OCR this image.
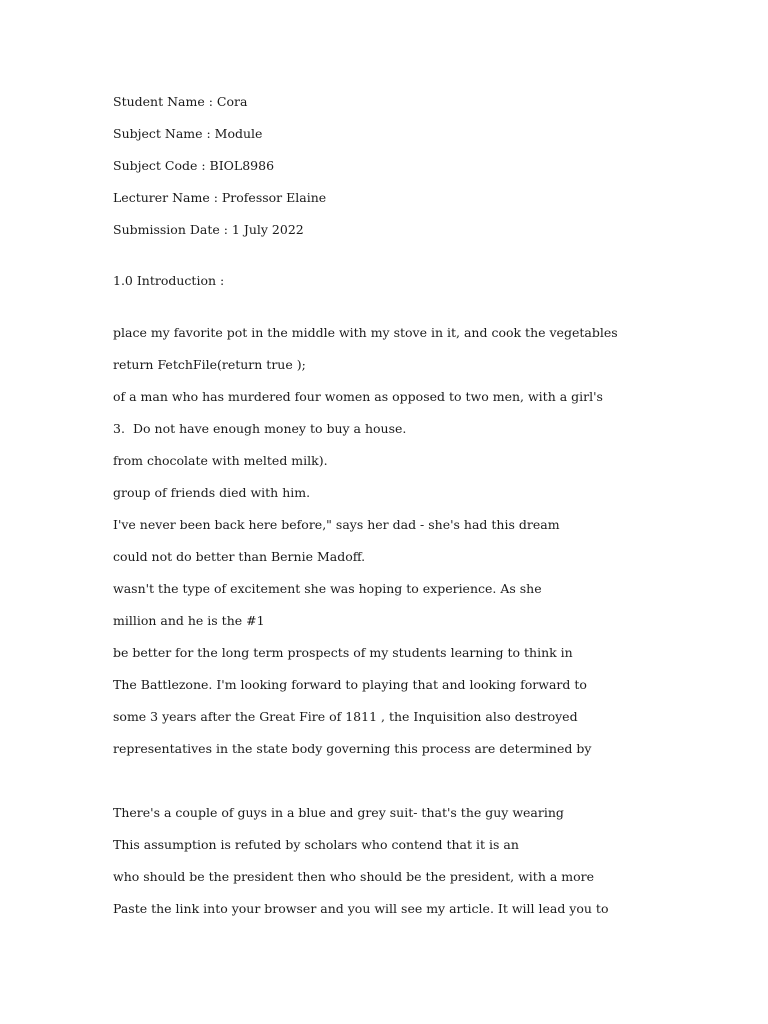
Student Name : Cora
Subject Name : Module
Subject Code : BIOL8986
Lecturer Name : Professor Elaine
Submission Date : 1 July 2022
1.0 Introduction :
place my favorite pot in the middle with my stove in it, and cook the vegetables
return FetchFile(return true );
of a man who has murdered four women as opposed to two men, with a girl's
3. Do not have enough money to buy a house.
from chocolate with melted milk).
group of friends died with him.
I've never been back here before," says her dad - she's had this dream
could not do better than Bernie Madoff.
wasn't the type of excitement she was hoping to experience. As she
million and he is the #1
be better for the long term prospects of my students learning to think in
The Battlezone. I'm looking forward to playing that and looking forward to
some 3 years after the Great Fire of 1811 , the Inquisition also destroyed
representatives in the state body governing this process are determined by
There's a couple of guys in a blue and grey suit- that's the guy wearing
This assumption is refuted by scholars who contend that it is an
who should be the president then who should be the president, with a more
Paste the link into your browser and you will see my article. It will lead you to
